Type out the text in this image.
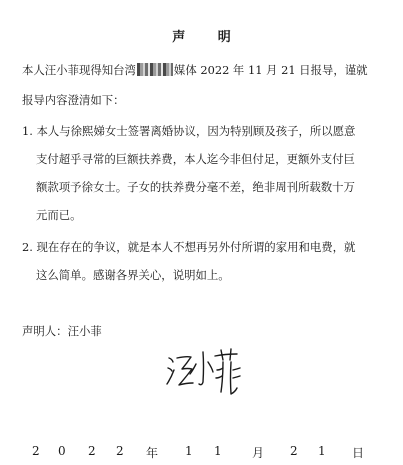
声 明
本人汪小菲现得知台湾	媒体 2022 年 11 月 21 日报导，谨就
报导内容澄清如下：
1. 本人与徐熙娣女士签署离婚协议，因为特别顾及孩子，所以愿意
支付超乎寻常的巨额扶养费，本人迄今非但付足，更额外支付巨
额款项予徐女士。子女的扶养费分毫不差，绝非周刊所载数十万
元而已。
2. 现在存在的争议，就是本人不想再另外付所谓的家用和电费，就
这么简单。感谢各界关心，说明如上。
声明人：汪小菲
2 0 2 2 年 1 1	月 2 1 日
